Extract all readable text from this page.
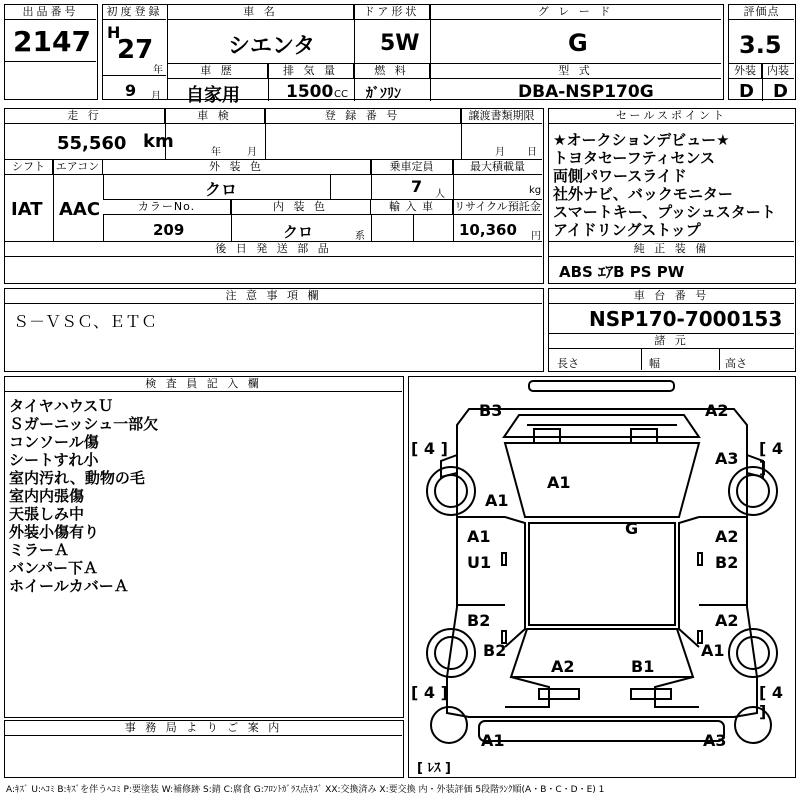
出品番号
2147
初度登録
H
27
年
9 月
車 名
シエンタ
ドア形状
5W
グ レ ー ド
G
車 歴
自家用
排 気 量
1500 CC
燃 料
ｶﾞｿﾘﾝ
型 式
DBA-NSP170G
評価点
3.5
外装	内装
D D
走 行
55,560 km
車 検
年	月
登 録 番 号	譲渡書類期限
月 日
シフト
IAT
エアコン
AAC
外 装 色
クロ
乗車定員
7 人
最大積載量
kg
カラーNo.
209
内 装 色
クロ	系
輸 入 車	リサイクル預託金
10,360 円
後 日 発 送 部 品
セールスポイント
★オークションデビュー★
トヨタセーフティセンス
両側パワースライド
社外ナビ、バックモニター
スマートキー、プッシュスタート
アイドリングストップ
純 正 装 備
ABS ｴｱB PS PW
注 意 事 項 欄
Ｓ－ＶＳＣ、ＥＴＣ
車 台 番 号
NSP170-7000153
諸 元
長さ	幅	高さ
検 査 員 記 入 欄
タイヤハウスＵ
Ｓガーニッシュ一部欠
コンソール傷
シートすれ小
室内汚れ、動物の毛
室内内張傷
天張しみ中
外装小傷有り
ミラーＡ
バンパー下Ａ
ホイールカバーＡ
事 務 局 よ り ご 案 内
[ 4 ]	[ 4 ]
[ 4 ]	[ 4 ]
[ ﾚｽ ]
B3	A2
A3
A1
A1
G
A1
U1
A2
B2
B2	A2
B2	A1
A2	B1
A1	A3
A:ｷｽﾞ U:ﾍｺﾐ B:ｷｽﾞを伴うﾍｺﾐ P:要塗装 W:補修跡 S:錆 C:腐食 G:ﾌﾛﾝﾄｶﾞﾗｽ点ｷｽﾞ XX:交換済み X:要交換 内・外装評価 5段階ﾗﾝｸ順(A・B・C・D・E) 1
